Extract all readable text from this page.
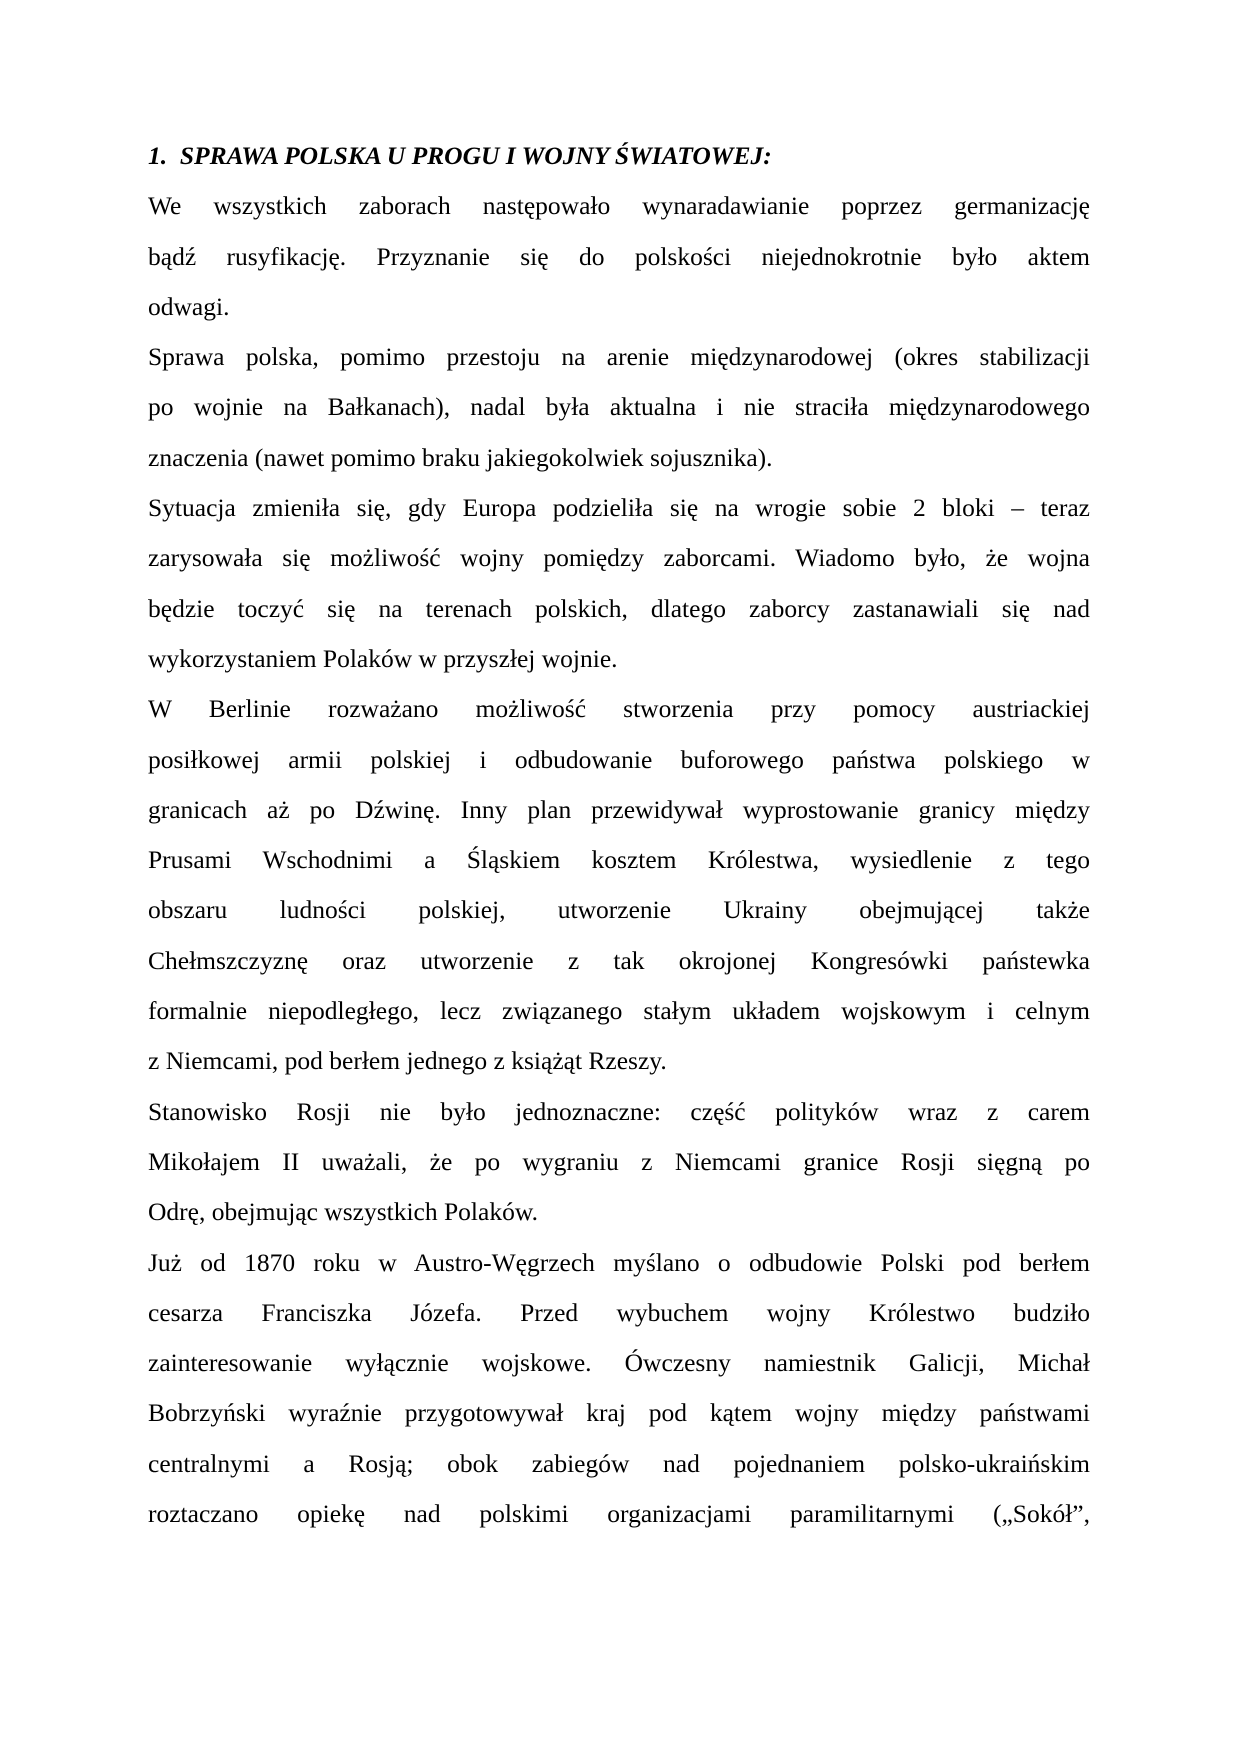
1.  SPRAWA POLSKA U PROGU I WOJNY ŚWIATOWEJ:
We wszystkich zaborach następowało wynaradawianie poprzez germanizację
bądź rusyfikację. Przyznanie się do polskości niejednokrotnie było aktem
odwagi.
Sprawa polska, pomimo przestoju na arenie międzynarodowej (okres stabilizacji
po wojnie na Bałkanach), nadal była aktualna i nie straciła międzynarodowego
znaczenia (nawet pomimo braku jakiegokolwiek sojusznika).
Sytuacja zmieniła się, gdy Europa podzieliła się na wrogie sobie 2 bloki – teraz
zarysowała się możliwość wojny pomiędzy zaborcami. Wiadomo było, że wojna
będzie toczyć się na terenach polskich, dlatego zaborcy zastanawiali się nad
wykorzystaniem Polaków w przyszłej wojnie.
W Berlinie rozważano możliwość stworzenia przy pomocy austriackiej
posiłkowej armii polskiej i odbudowanie buforowego państwa polskiego w
granicach aż po Dźwinę. Inny plan przewidywał wyprostowanie granicy między
Prusami Wschodnimi a Śląskiem kosztem Królestwa, wysiedlenie z tego
obszaru ludności polskiej, utworzenie Ukrainy obejmującej także
Chełmszczyznę oraz utworzenie z tak okrojonej Kongresówki państewka
formalnie niepodległego, lecz związanego stałym układem wojskowym i celnym
z Niemcami, pod berłem jednego z książąt Rzeszy.
Stanowisko Rosji nie było jednoznaczne: część polityków wraz z carem
Mikołajem II uważali, że po wygraniu z Niemcami granice Rosji sięgną po
Odrę, obejmując wszystkich Polaków.
Już od 1870 roku w Austro-Węgrzech myślano o odbudowie Polski pod berłem
cesarza Franciszka Józefa. Przed wybuchem wojny Królestwo budziło
zainteresowanie wyłącznie wojskowe. Ówczesny namiestnik Galicji, Michał
Bobrzyński wyraźnie przygotowywał kraj pod kątem wojny między państwami
centralnymi a Rosją; obok zabiegów nad pojednaniem polsko-ukraińskim
roztaczano opiekę nad polskimi organizacjami paramilitarnymi („Sokół”,
